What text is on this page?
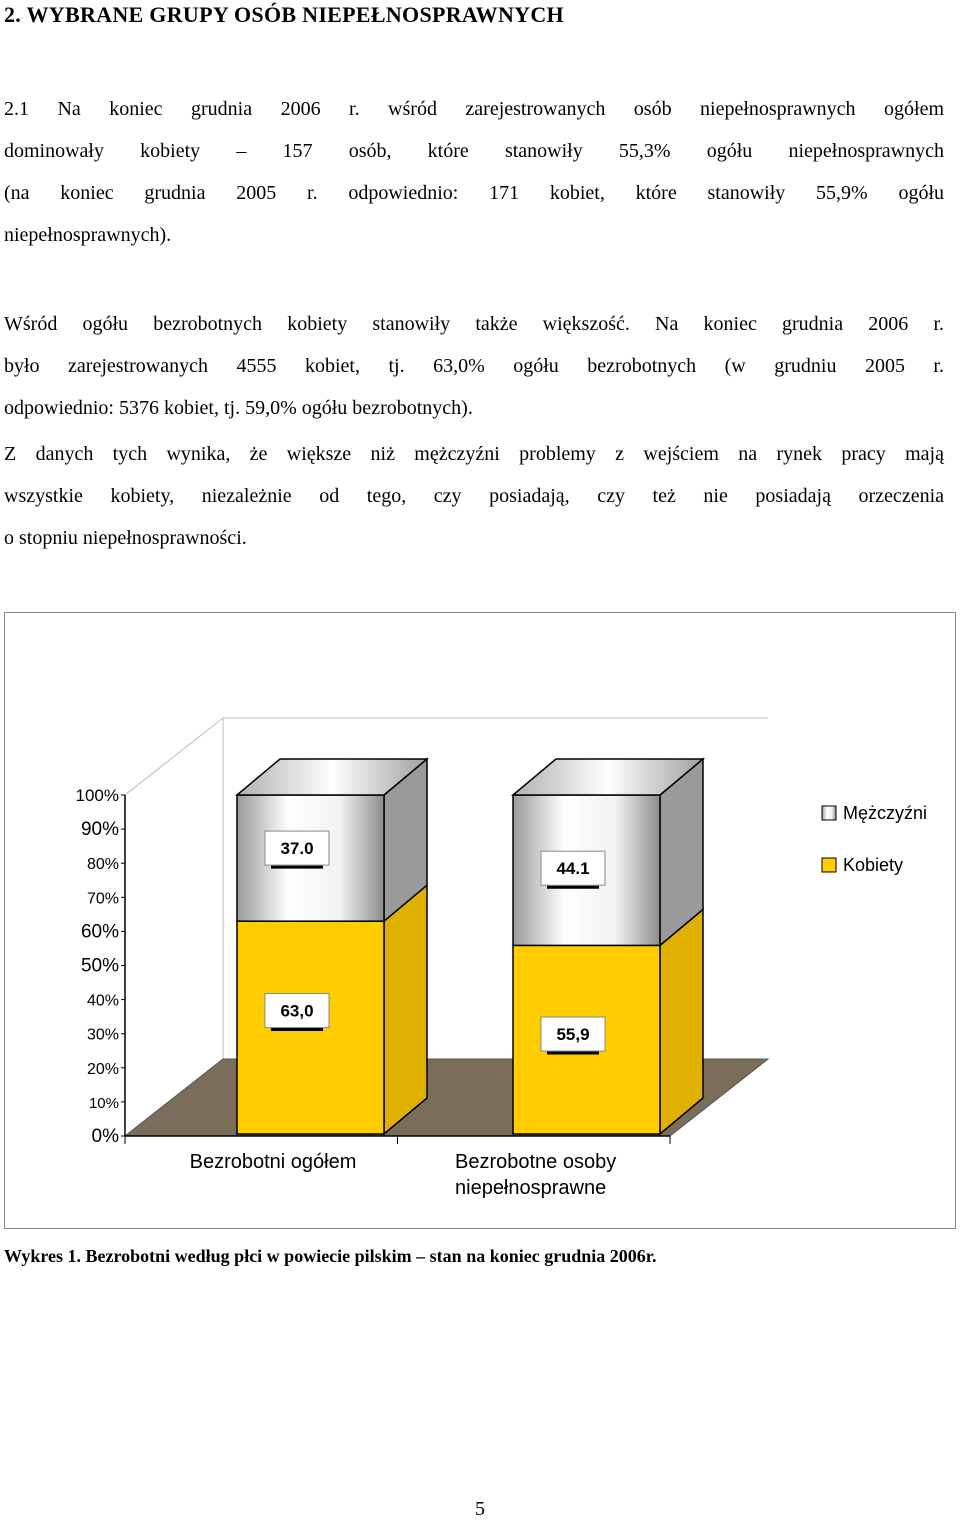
2. WYBRANE GRUPY OSÓB NIEPEŁNOSPRAWNYCH
2.1 Na koniec grudnia 2006 r. wśród zarejestrowanych osób niepełnosprawnych ogółem
dominowały kobiety – 157 osób, które stanowiły 55,3% ogółu niepełnosprawnych
(na koniec grudnia 2005 r. odpowiednio: 171 kobiet, które stanowiły 55,9% ogółu
niepełnosprawnych).
Wśród ogółu bezrobotnych kobiety stanowiły także większość. Na koniec grudnia 2006 r.
było zarejestrowanych 4555 kobiet, tj. 63,0% ogółu bezrobotnych (w grudniu 2005 r.
odpowiednio: 5376 kobiet, tj. 59,0% ogółu bezrobotnych).
Z danych tych wynika, że większe niż mężczyźni problemy z wejściem na rynek pracy mają
wszystkie kobiety, niezależnie od tego, czy posiadają, czy też nie posiadają orzeczenia
o stopniu niepełnosprawności.
0%
10%
20%
30%
40%
50%
60%
70%
80%
90%
100%
37.0
63,0
Bezrobotni ogółem
44.1
55,9
Bezrobotne osoby
niepełnosprawne
Mężczyźni
Kobiety
Wykres 1. Bezrobotni według płci w powiecie pilskim – stan na koniec grudnia 2006r.
5
